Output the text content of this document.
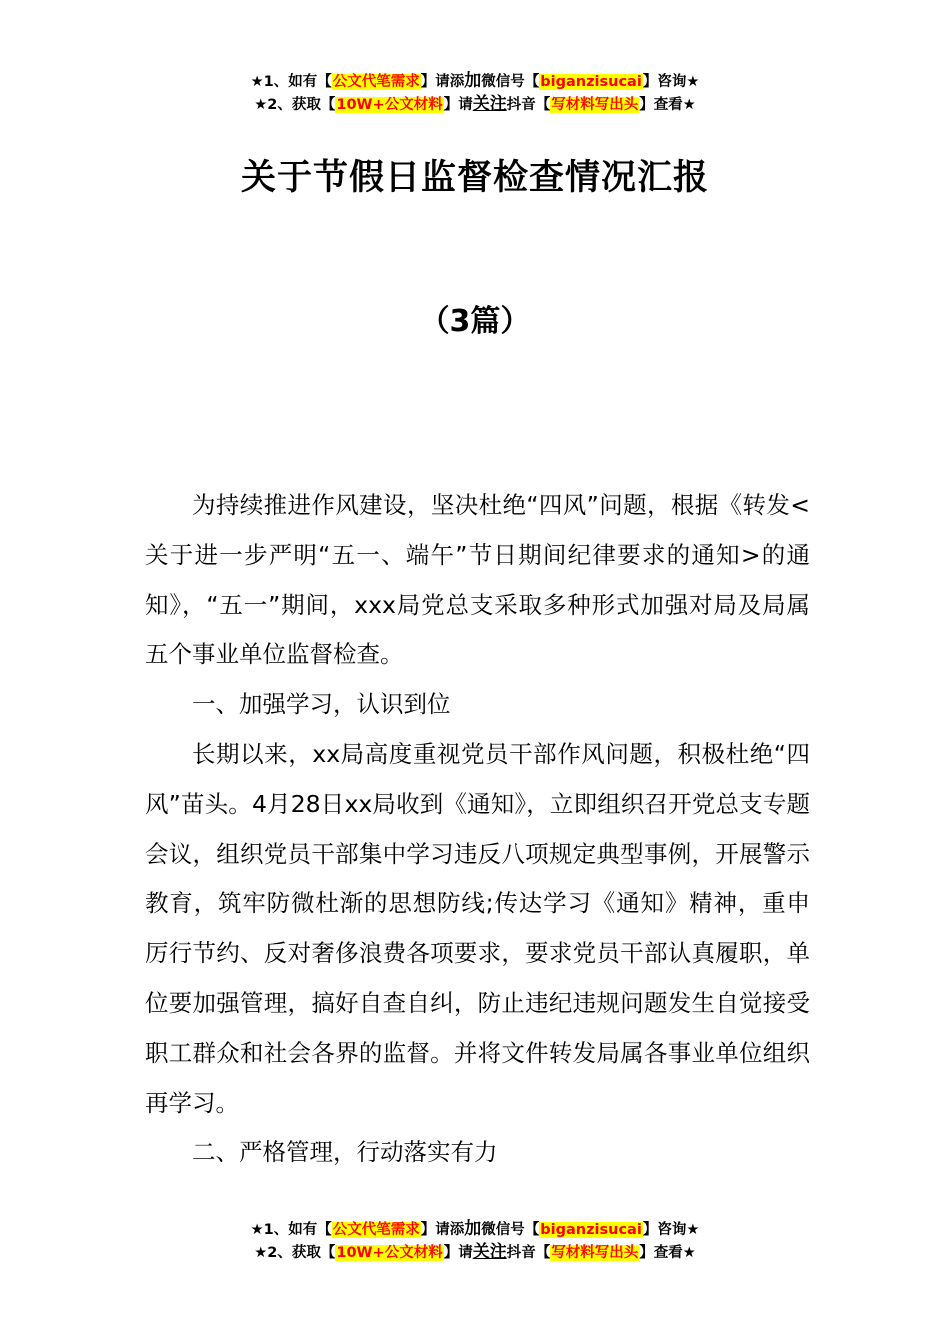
★1、如有【公文代笔需求】请添加微信号【biganzisucai】咨询★
★2、获取【10W+公文材料】请关注抖音【写材料写出头】查看★
关于节假日监督检查情况汇报
（3篇）

为持续推进作风建设，坚决杜绝“四风”问题，根据《转发<关于进一步严明“五一、端午”节日期间纪律要求的通知>的通知》，“五一”期间，xxx局党总支采取多种形式加强对局及局属五个事业单位监督检查。

一、加强学习，认识到位

长期以来，xx局高度重视党员干部作风问题，积极杜绝“四风”苗头。4月28日xx局收到《通知》，立即组织召开党总支专题会议，组织党员干部集中学习违反八项规定典型事例，开展警示教育，筑牢防微杜渐的思想防线;传达学习《通知》精神，重申厉行节约、反对奢侈浪费各项要求，要求党员干部认真履职，单位要加强管理，搞好自查自纠，防止违纪违规问题发生自觉接受职工群众和社会各界的监督。并将文件转发局属各事业单位组织再学习。

二、严格管理，行动落实有力

★1、如有【公文代笔需求】请添加微信号【biganzisucai】咨询★
★2、获取【10W+公文材料】请关注抖音【写材料写出头】查看★
